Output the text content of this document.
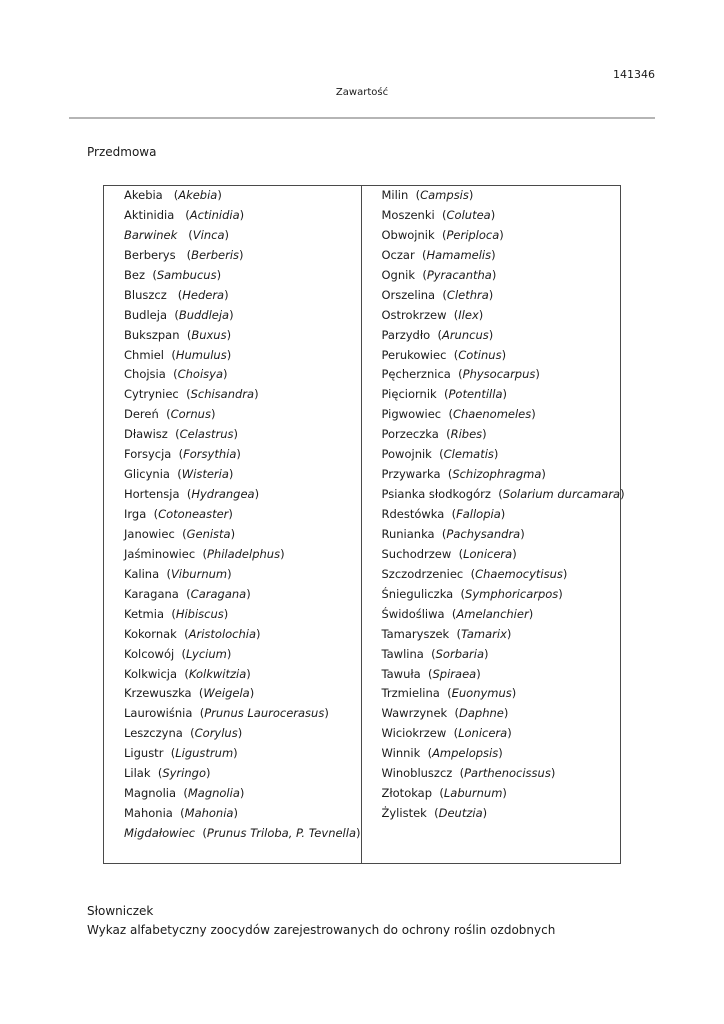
141346
Zawartość
Przedmowa
Akebia (Akebia)
Aktinidia (Actinidia)
Barwinek (Vinca)
Berberys (Berberis)
Bez (Sambucus)
Bluszcz (Hedera)
Budleja (Buddleja)
Bukszpan (Buxus)
Chmiel (Humulus)
Chojsia (Choisya)
Cytryniec (Schisandra)
Dereń (Cornus)
Dławisz (Celastrus)
Forsycja (Forsythia)
Glicynia (Wisteria)
Hortensja (Hydrangea)
Irga (Cotoneaster)
Janowiec (Genista)
Jaśminowiec (Philadelphus)
Kalina (Viburnum)
Karagana (Caragana)
Ketmia (Hibiscus)
Kokornak (Aristolochia)
Kolcowój (Lycium)
Kolkwicja (Kolkwitzia)
Krzewuszka (Weigela)
Laurowiśnia (Prunus Laurocerasus)
Leszczyna (Corylus)
Ligustr (Ligustrum)
Lilak (Syringo)
Magnolia (Magnolia)
Mahonia (Mahonia)
Migdałowiec (Prunus Triloba, P. Tevnella)
Milin (Campsis)
Moszenki (Colutea)
Obwojnik (Periploca)
Oczar (Hamamelis)
Ognik (Pyracantha)
Orszelina (Clethra)
Ostrokrzew (Ilex)
Parzydło (Aruncus)
Perukowiec (Cotinus)
Pęcherznica (Physocarpus)
Pięciornik (Potentilla)
Pigwowiec (Chaenomeles)
Porzeczka (Ribes)
Powojnik (Clematis)
Przywarka (Schizophragma)
Psianka słodkogórz (Solarium durcamara)
Rdestówka (Fallopia)
Runianka (Pachysandra)
Suchodrzew (Lonicera)
Szczodrzeniec (Chaemocytisus)
Śnieguliczka (Symphoricarpos)
Świdośliwa (Amelanchier)
Tamaryszek (Tamarix)
Tawlina (Sorbaria)
Tawuła (Spiraea)
Trzmielina (Euonymus)
Wawrzynek (Daphne)
Wiciokrzew (Lonicera)
Winnik (Ampelopsis)
Winobluszcz (Parthenocissus)
Złotokap (Laburnum)
Żylistek (Deutzia)
Słowniczek
Wykaz alfabetyczny zoocydów zarejestrowanych do ochrony roślin ozdobnych
